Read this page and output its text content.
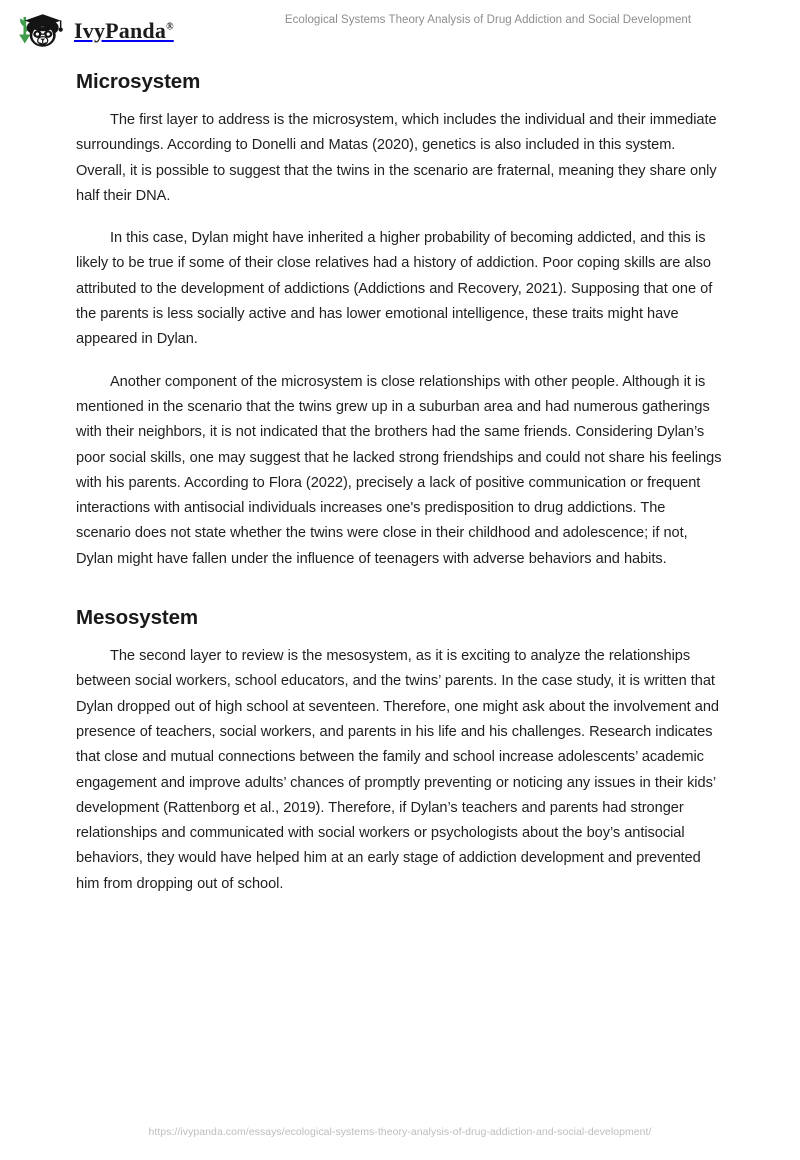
IvyPanda®
Ecological Systems Theory Analysis of Drug Addiction and Social Development
Microsystem

The first layer to address is the microsystem, which includes the individual and their immediate surroundings. According to Donelli and Matas (2020), genetics is also included in this system. Overall, it is possible to suggest that the twins in the scenario are fraternal, meaning they share only half their DNA.

In this case, Dylan might have inherited a higher probability of becoming addicted, and this is likely to be true if some of their close relatives had a history of addiction. Poor coping skills are also attributed to the development of addictions (Addictions and Recovery, 2021). Supposing that one of the parents is less socially active and has lower emotional intelligence, these traits might have appeared in Dylan.

Another component of the microsystem is close relationships with other people. Although it is mentioned in the scenario that the twins grew up in a suburban area and had numerous gatherings with their neighbors, it is not indicated that the brothers had the same friends. Considering Dylan’s poor social skills, one may suggest that he lacked strong friendships and could not share his feelings with his parents. According to Flora (2022), precisely a lack of positive communication or frequent interactions with antisocial individuals increases one's predisposition to drug addictions. The scenario does not state whether the twins were close in their childhood and adolescence; if not, Dylan might have fallen under the influence of teenagers with adverse behaviors and habits.

Mesosystem

The second layer to review is the mesosystem, as it is exciting to analyze the relationships between social workers, school educators, and the twins’ parents. In the case study, it is written that Dylan dropped out of high school at seventeen. Therefore, one might ask about the involvement and presence of teachers, social workers, and parents in his life and his challenges. Research indicates that close and mutual connections between the family and school increase adolescents’ academic engagement and improve adults’ chances of promptly preventing or noticing any issues in their kids’ development (Rattenborg et al., 2019). Therefore, if Dylan’s teachers and parents had stronger relationships and communicated with social workers or psychologists about the boy’s antisocial behaviors, they would have helped him at an early stage of addiction development and prevented him from dropping out of school.

https://ivypanda.com/essays/ecological-systems-theory-analysis-of-drug-addiction-and-social-development/
